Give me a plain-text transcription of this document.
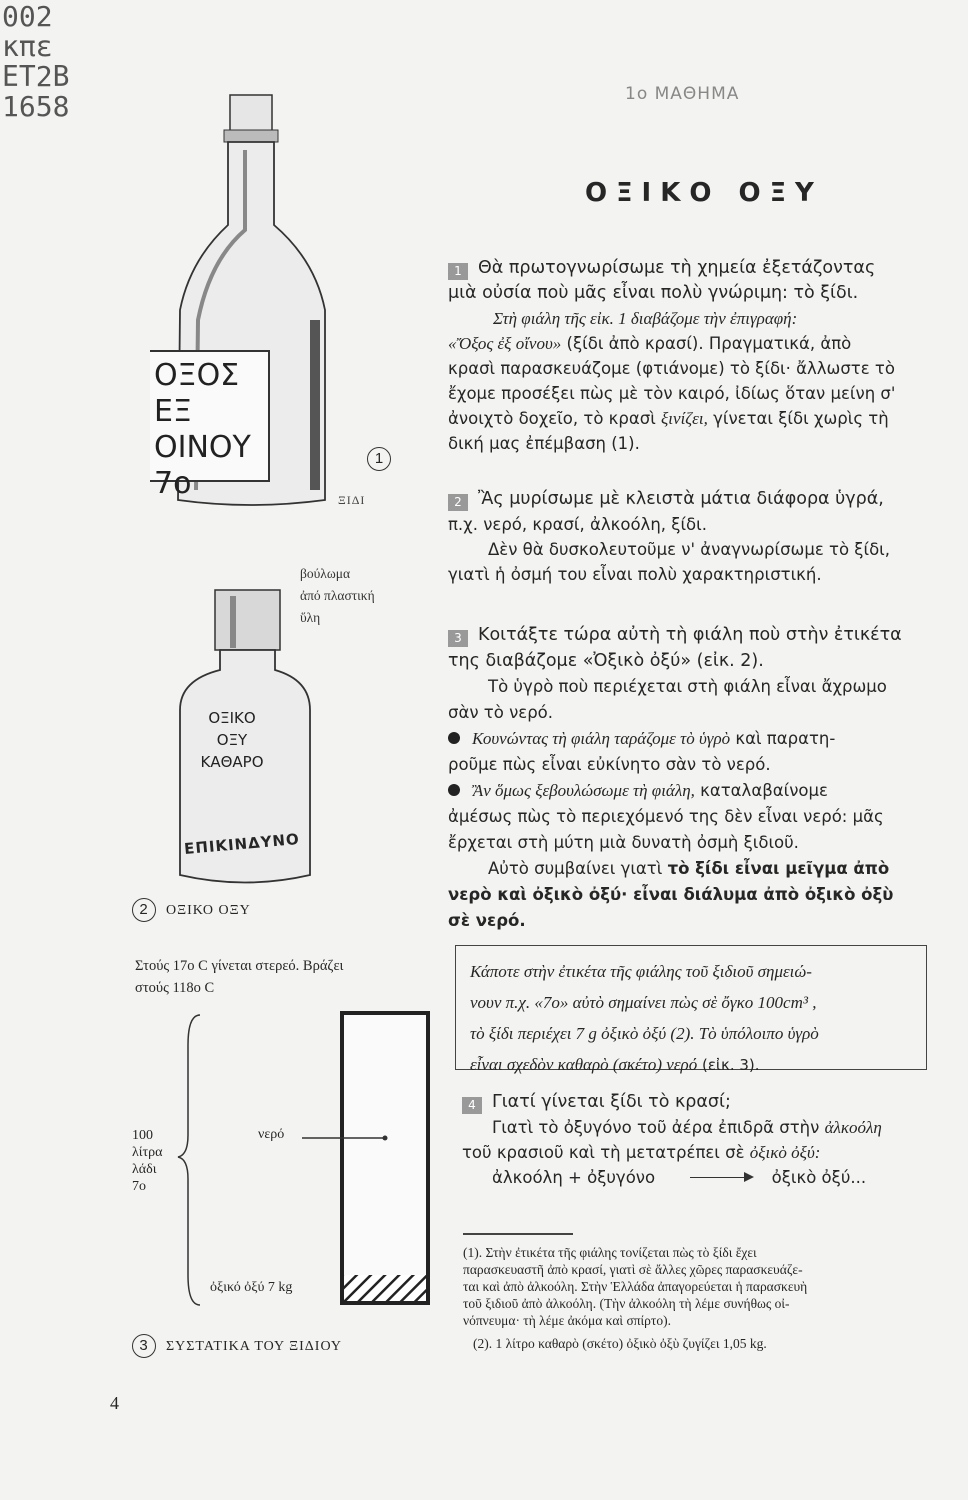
002
κπε
ΕΤ2Β
1658	1ο ΜΑΘΗΜΑ
ΟΞΙΚΟ ΟΞΥ
ΟΞΟΣ ΕΞ
ΟΙΝΟΥ
7ο
1
ΞΙΔΙ
βούλωμα
ἀπό πλαστική
ὕλη
ΟΞΙΚΟ
ΟΞΥ
ΚΑΘΑΡΟ
ΕΠΙΚΙΝΔΥΝΟ
2 ΟΞΙΚΟ ΟΞΥ
1 Θὰ πρωτογνωρίσωμε τὴ χημεία ἐξετάζοντας
μιὰ οὐσία ποὺ μᾶς εἶναι πολὺ γνώριμη: τὸ ξίδι.
Στὴ φιάλη τῆς εἰκ. 1 διαβάζομε τὴν ἐπιγραφή:
«Ὄξος ἐξ οἴνου» (ξίδι ἀπὸ κρασί). Πραγματικά, ἀπὸ
κρασὶ παρασκευάζομε (φτιάνομε) τὸ ξίδι· ἄλλωστε τὸ
ἔχομε προσέξει πὼς μὲ τὸν καιρό, ἰδίως ὅταν μείνη σ'
ἀνοιχτὸ δοχεῖο, τὸ κρασὶ ξινίζει, γίνεται ξίδι χωρὶς τὴ
δική μας ἐπέμβαση (1).
2 Ἂς μυρίσωμε μὲ κλειστὰ μάτια διάφορα ὑγρά,
π.χ. νερό, κρασί, ἀλκοόλη, ξίδι.
Δὲν θὰ δυσκολευτοῦμε ν' ἀναγνωρίσωμε τὸ ξίδι,
γιατὶ ἡ ὀσμή του εἶναι πολὺ χαρακτηριστική.
3 Κοιτάξτε τώρα αὐτὴ τὴ φιάλη ποὺ στὴν ἐτικέτα
της διαβάζομε «Ὀξικὸ ὀξύ» (εἰκ. 2).
Τὸ ὑγρὸ ποὺ περιέχεται στὴ φιάλη εἶναι ἄχρωμο
σὰν τὸ νερό.
Κουνώντας τὴ φιάλη ταράζομε τὸ ὑγρὸ καὶ παρατη-
ροῦμε πὼς εἶναι εὐκίνητο σὰν τὸ νερό.
Ἂν ὅμως ξεβουλώσωμε τὴ φιάλη, καταλαβαίνομε
ἀμέσως πὼς τὸ περιεχόμενό της δὲν εἶναι νερό: μᾶς
ἔρχεται στὴ μύτη μιὰ δυνατὴ ὀσμὴ ξιδιοῦ.
Αὐτὸ συμβαίνει γιατὶ τὸ ξίδι εἶναι μεῖγμα ἀπὸ
νερὸ καὶ ὀξικὸ ὀξύ· εἶναι διάλυμα ἀπὸ ὀξικὸ ὀξὺ
σὲ νερό.
Στούς 17ο C γίνεται στερεό. Βράζει
στούς 118ο C
100
λίτρα
λάδι
7ο
νερό
ὀξικό ὀξύ 7 kg
3 ΣΥΣΤΑΤΙΚΑ ΤΟΥ ΞΙΔΙΟΥ

Κάποτε στὴν ἐτικέτα τῆς φιάλης τοῦ ξιδιοῦ σημειώ-

νουν π.χ. «7ο» αὐτὸ σημαίνει πὼς σὲ ὄγκο 100cm³ ,

τὸ ξίδι περιέχει 7 g ὀξικὸ ὀξύ (2). Τὸ ὑπόλοιπο ὑγρὸ

εἶναι σχεδὸν καθαρὸ (σκέτο) νερό (εἰκ. 3).

4 Γιατί γίνεται ξίδι τὸ κρασί;
Γιατὶ τὸ ὀξυγόνο τοῦ ἀέρα ἐπιδρᾶ στὴν ἀλκοόλη
τοῦ κρασιοῦ καὶ τὴ μετατρέπει σὲ ὀξικὸ ὀξύ:
ἀλκοόλη + ὀξυγόνο	ὀξικὸ ὀξύ...
(1). Στὴν ἐτικέτα τῆς φιάλης τονίζεται πὼς τὸ ξίδι ἔχει
παρασκευαστῆ ἀπὸ κρασί, γιατὶ σὲ ἄλλες χῶρες παρασκευάζε-
ται καὶ ἀπὸ ἀλκοόλη. Στὴν Ἑλλάδα ἀπαγορεύεται ἡ παρασκευὴ
τοῦ ξιδιοῦ ἀπὸ ἀλκοόλη. (Τὴν ἀλκοόλη τὴ λέμε συνήθως οἰ-
νόπνευμα· τὴ λέμε ἀκόμα καὶ σπίρτο).
(2). 1 λίτρο καθαρὸ (σκέτο) ὀξικὸ ὀξὺ ζυγίζει 1,05 kg.
4
